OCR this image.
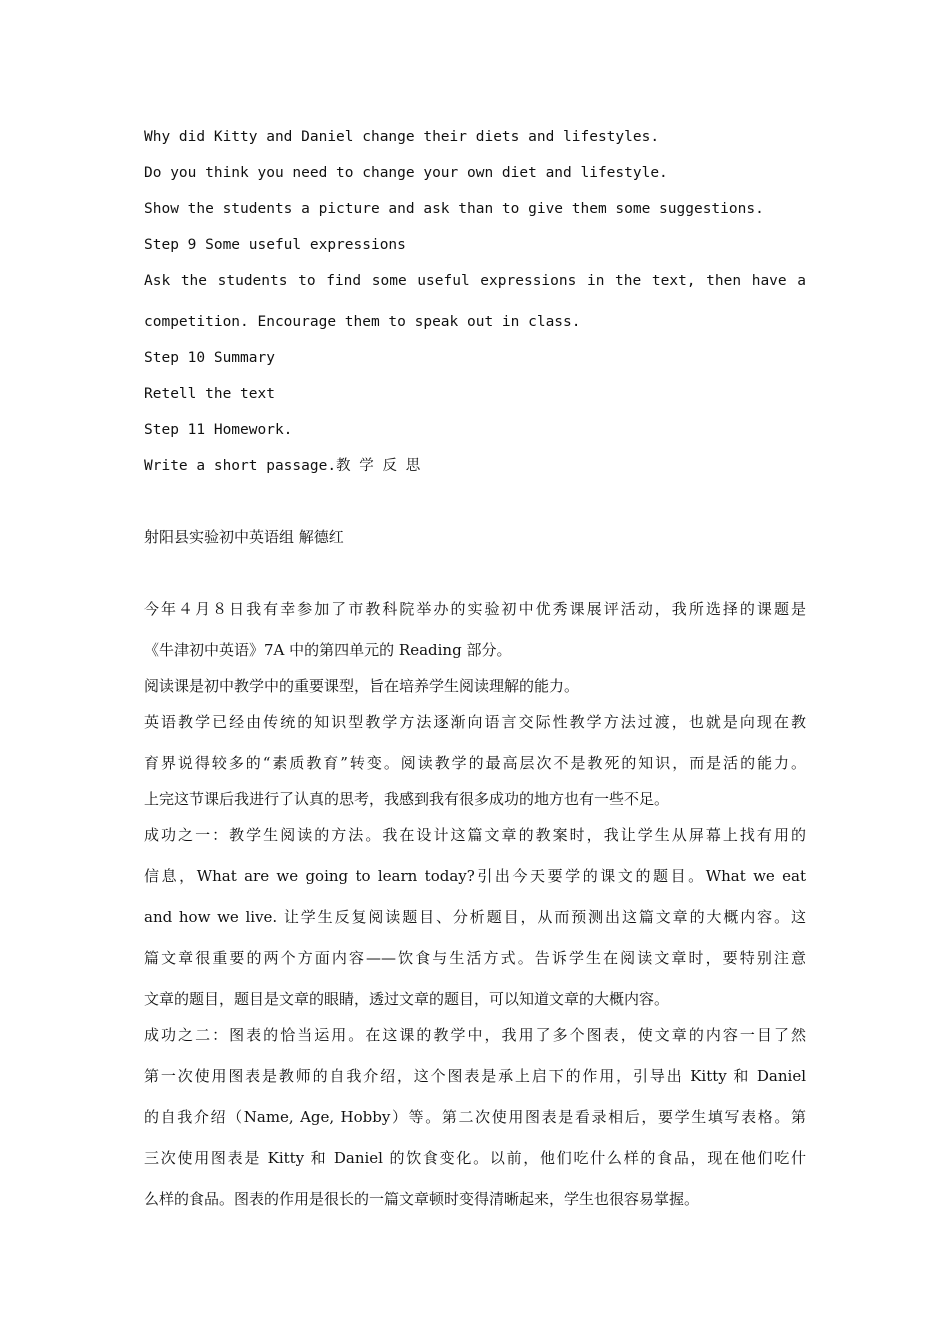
Why did Kitty and Daniel change their diets and lifestyles.

Do you think you need to change your own diet and lifestyle.

Show the students a picture and ask than to give them some suggestions.

Step 9 Some useful expressions

Ask the students to find some useful expressions in the text, then have a

competition. Encourage them to speak out in class.

Step 10 Summary

Retell the text

Step 11 Homework.

Write a short passage.教 学 反 思

射阳县实验初中英语组 解德红

今年４月８日我有幸参加了市教科院举办的实验初中优秀课展评活动，我所选择的课题是

《牛津初中英语》7A 中的第四单元的 Reading 部分。

阅读课是初中教学中的重要课型，旨在培养学生阅读理解的能力。

英语教学已经由传统的知识型教学方法逐渐向语言交际性教学方法过渡，也就是向现在教

育界说得较多的“素质教育”转变。阅读教学的最高层次不是教死的知识，而是活的能力。

上完这节课后我进行了认真的思考，我感到我有很多成功的地方也有一些不足。

成功之一：教学生阅读的方法。我在设计这篇文章的教案时，我让学生从屏幕上找有用的

信息，What are we going to learn today?引出今天要学的课文的题目。What we eat

and how we live. 让学生反复阅读题目、分析题目，从而预测出这篇文章的大概内容。这

篇文章很重要的两个方面内容——饮食与生活方式。告诉学生在阅读文章时，要特别注意

文章的题目，题目是文章的眼睛，透过文章的题目，可以知道文章的大概内容。

成功之二：图表的恰当运用。在这课的教学中，我用了多个图表，使文章的内容一目了然

第一次使用图表是教师的自我介绍，这个图表是承上启下的作用，引导出 Kitty 和 Daniel

的自我介绍（Name, Age, Hobby）等。第二次使用图表是看录相后，要学生填写表格。第

三次使用图表是 Kitty 和 Daniel 的饮食变化。以前，他们吃什么样的食品，现在他们吃什

么样的食品。图表的作用是很长的一篇文章顿时变得清晰起来，学生也很容易掌握。
